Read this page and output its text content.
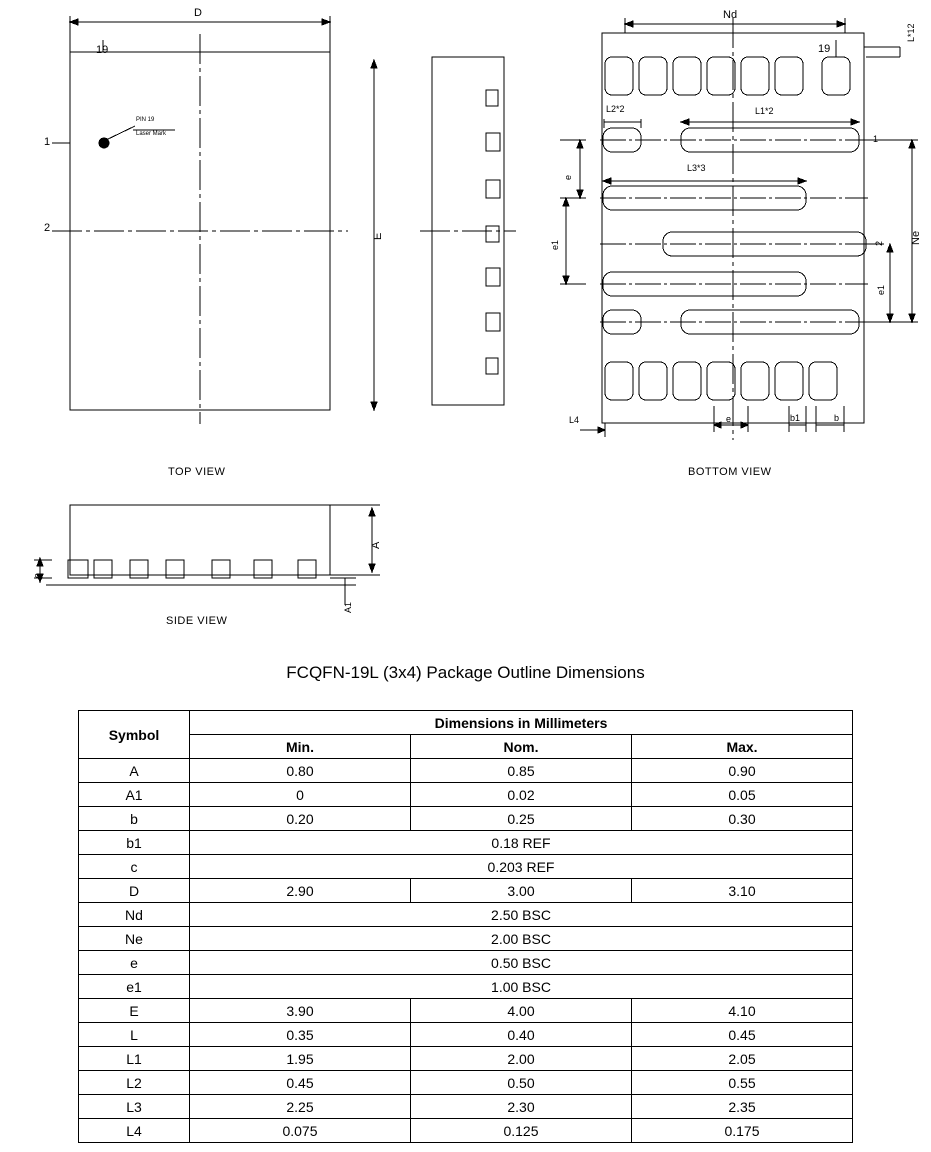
D
19
1
2
E
PIN 19
Laser Mark
TOP VIEW
Nd
19
L*12
L2*2	L1*2
L3*3
e
e1
e1
Ne
1
2
e	b1	b
L4
BOTTOM VIEW
A
A1
c
SIDE VIEW
FCQFN-19L (3x4) Package Outline Dimensions
Symbol	Dimensions in Millimeters		
	Min.	Nom.	Max.
A	0.80	0.85	0.90
A1	0	0.02	0.05
b	0.20	0.25	0.30
b1	0.18 REF		
c	0.203 REF		
D	2.90	3.00	3.10
Nd	2.50 BSC		
Ne	2.00 BSC		
e	0.50 BSC		
e1	1.00 BSC		
E	3.90	4.00	4.10
L	0.35	0.40	0.45
L1	1.95	2.00	2.05
L2	0.45	0.50	0.55
L3	2.25	2.30	2.35
L4	0.075	0.125	0.175
